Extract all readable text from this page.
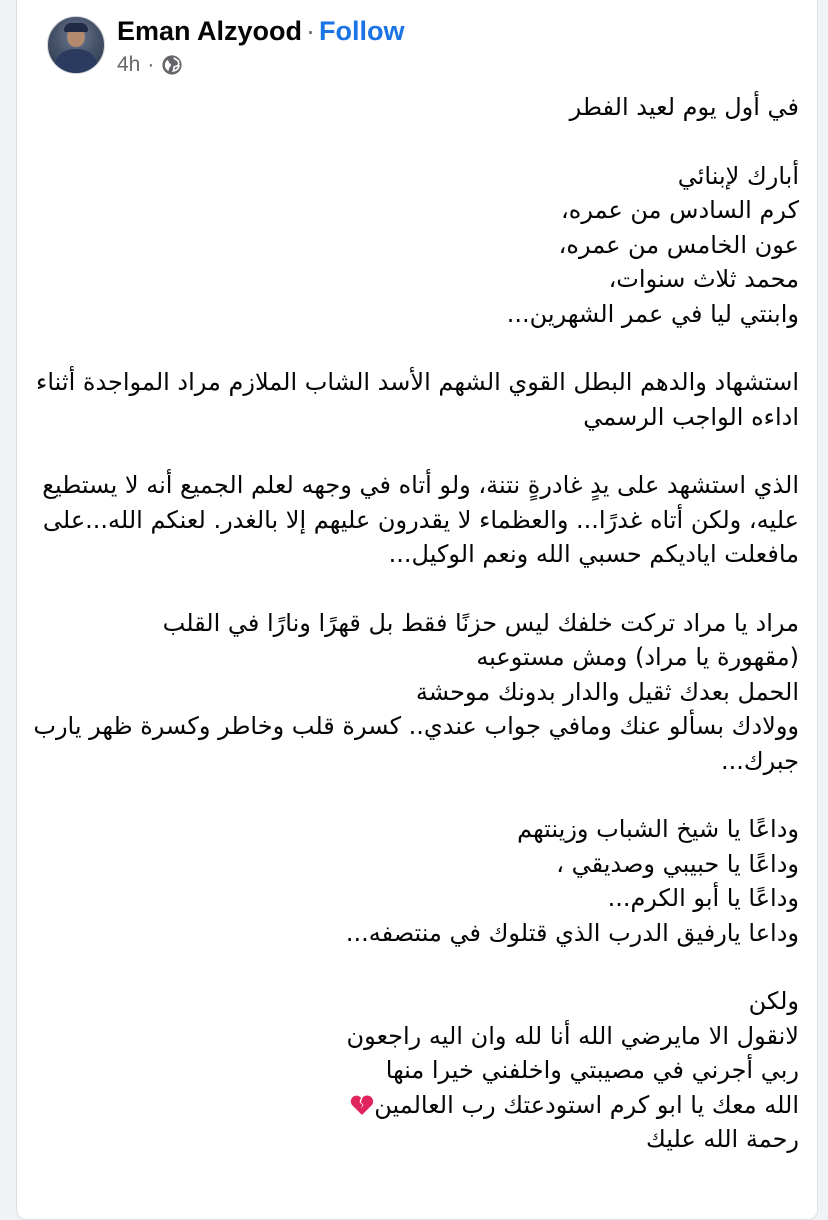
Eman Alzyood · Follow
4h ·

في أول يوم لعيد الفطر

أبارك لإبنائي
كرم السادس من عمره،
عون الخامس من عمره،
محمد ثلاث سنوات،
وابنتي ليا في عمر الشهرين...

استشهاد والدهم البطل القوي الشهم الأسد الشاب الملازم مراد المواجدة أثناء اداءه الواجب الرسمي

الذي استشهد على يدٍ غادرةٍ نتنة، ولو أتاه في وجهه لعلم الجميع أنه لا يستطيع عليه، ولكن أتاه غدرًا... والعظماء لا يقدرون عليهم إلا بالغدر. لعنكم الله...على مافعلت اياديكم حسبي الله ونعم الوكيل...

مراد يا مراد تركت خلفك ليس حزنًا فقط بل قهرًا ونارًا في القلب
(مقهورة يا مراد) ومش مستوعبه
الحمل بعدك ثقيل والدار بدونك موحشة
وولادك بسألو عنك ومافي جواب عندي.. كسرة قلب وخاطر وكسرة ظهر يارب جبرك...

وداعًا يا شيخ الشباب وزينتهم
وداعًا يا حبيبي وصديقي ،
وداعًا يا أبو الكرم...
وداعا يارفيق الدرب الذي قتلوك في منتصفه...

ولكن
لانقول الا مايرضي الله أنا لله وان اليه راجعون
ربي أجرني في مصيبتي واخلفني خيرا منها
الله معك يا ابو كرم استودعتك رب العالمين
رحمة الله عليك
